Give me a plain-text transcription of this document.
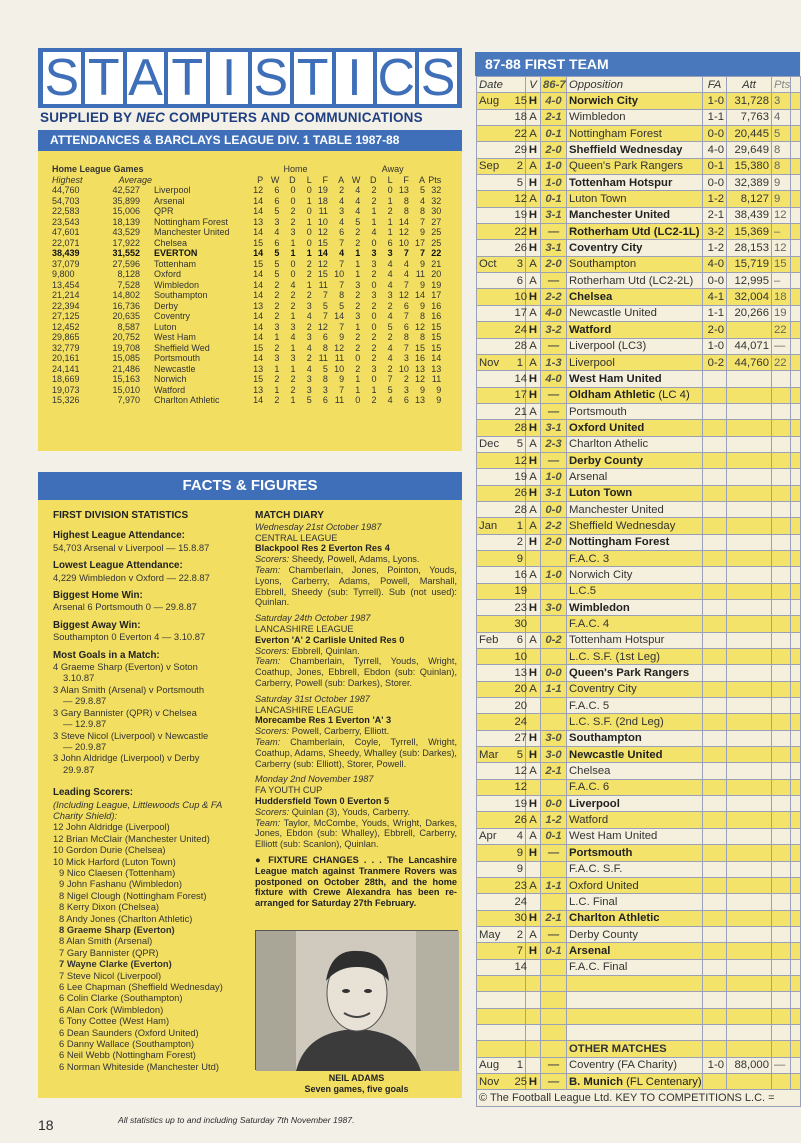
S T A T I S T I C S
SUPPLIED BY NEC COMPUTERS AND COMMUNICATIONS
ATTENDANCES & BARCLAYS LEAGUE DIV. 1 TABLE 1987-88
Home League Games			Home						Away					
Highest	Average		P	W	D	L	F	A	W	D	L	F	A	Pts
44,760	42,527	Liverpool	12	6	0	0	19	2	4	2	0	13	5	32
54,703	35,899	Arsenal	14	6	0	1	18	4	4	2	1	8	4	32
22,583	15,006	QPR	14	5	2	0	11	3	4	1	2	8	8	30
23,543	18,139	Nottingham Forest	13	3	2	1	10	4	5	1	1	14	7	27
47,601	43,529	Manchester United	14	4	3	0	12	6	2	4	1	12	9	25
22,071	17,922	Chelsea	15	6	1	0	15	7	2	0	6	10	17	25
38,439	31,552	EVERTON	14	5	1	1	14	4	1	3	3	7	7	22
37,079	27,596	Tottenham	15	5	0	2	12	7	1	3	4	4	9	21
9,800	8,128	Oxford	14	5	0	2	15	10	1	2	4	4	11	20
13,454	7,528	Wimbledon	14	2	4	1	11	7	3	0	4	7	9	19
21,214	14,802	Southampton	14	2	2	2	7	8	2	3	3	12	14	17
22,394	16,736	Derby	13	2	2	3	5	5	2	2	2	6	9	16
27,125	20,635	Coventry	14	2	1	4	7	14	3	0	4	7	8	16
12,452	8,587	Luton	14	3	3	2	12	7	1	0	5	6	12	15
29,865	20,752	West Ham	14	1	4	3	6	9	2	2	2	8	8	15
32,779	19,708	Sheffield Wed	15	2	1	4	8	12	2	2	4	7	15	15
20,161	15,085	Portsmouth	14	3	3	2	11	11	0	2	4	3	16	14
24,141	21,486	Newcastle	13	1	1	4	5	10	2	3	2	10	13	13
18,669	15,163	Norwich	15	2	2	3	8	9	1	0	7	2	12	11
19,073	15,010	Watford	13	1	2	3	3	7	1	1	5	3	9	9
15,326	7,970	Charlton Athletic	14	2	1	5	6	11	0	2	4	6	13	9
FACTS & FIGURES
FIRST DIVISION STATISTICS
Highest League Attendance:
54,703 Arsenal v Liverpool — 15.8.87
Lowest League Attendance:
4,229 Wimbledon v Oxford — 22.8.87
Biggest Home Win:
Arsenal 6 Portsmouth 0 — 29.8.87
Biggest Away Win:
Southampton 0 Everton 4 — 3.10.87
Most Goals in a Match:
4 Graeme Sharp (Everton) v Soton
3.10.87
3 Alan Smith (Arsenal) v Portsmouth
— 29.8.87
3 Gary Bannister (QPR) v Chelsea
— 12.9.87
3 Steve Nicol (Liverpool) v Newcastle
— 20.9.87
3 John Aldridge (Liverpool) v Derby
29.9.87
Leading Scorers:
(Including League, Littlewoods Cup & FA Charity Shield):
12 John Aldridge (Liverpool)
12 Brian McClair (Manchester United)
10 Gordon Durie (Chelsea)
10 Mick Harford (Luton Town)
9 Nico Claesen (Tottenham)
9 John Fashanu (Wimbledon)
8 Nigel Clough (Nottingham Forest)
8 Kerry Dixon (Chelsea)
8 Andy Jones (Charlton Athletic)
8 Graeme Sharp (Everton)
8 Alan Smith (Arsenal)
7 Gary Bannister (QPR)
7 Wayne Clarke (Everton)
7 Steve Nicol (Liverpool)
6 Lee Chapman (Sheffield Wednesday)
6 Colin Clarke (Southampton)
6 Alan Cork (Wimbledon)
6 Tony Cottee (West Ham)
6 Dean Saunders (Oxford United)
6 Danny Wallace (Southampton)
6 Neil Webb (Nottingham Forest)
6 Norman Whiteside (Manchester Utd)
MATCH DIARY
Wednesday 21st October 1987
CENTRAL LEAGUE
Blackpool Res 2 Everton Res 4
Scorers: Sheedy, Powell, Adams, Lyons.
Team: Chamberlain, Jones, Pointon, Youds, Lyons, Carberry, Adams, Powell, Marshall, Ebbrell, Sheedy (sub: Tyrrell). Sub (not used): Quinlan.
Saturday 24th October 1987
LANCASHIRE LEAGUE
Everton 'A' 2 Carlisle United Res 0
Scorers: Ebbrell, Quinlan.
Team: Chamberlain, Tyrrell, Youds, Wright, Coathup, Jones, Ebbrell, Ebdon (sub: Quinlan), Carberry, Powell (sub: Darkes), Storer.
Saturday 31st October 1987
LANCASHIRE LEAGUE
Morecambe Res 1 Everton 'A' 3
Scorers: Powell, Carberry, Elliott.
Team: Chamberlain, Coyle, Tyrrell, Wright, Coathup, Adams, Sheedy, Whalley (sub: Darkes), Carberry (sub: Elliott), Storer, Powell.
Monday 2nd November 1987
FA YOUTH CUP
Huddersfield Town 0 Everton 5
Scorers: Quinlan (3), Youds, Carberry.
Team: Taylor, McCombe, Youds, Wright, Darkes, Jones, Ebdon (sub: Whalley), Ebbrell, Carberry, Elliott (sub: Scanlon), Quinlan.
● FIXTURE CHANGES . . . The Lancashire League match against Tranmere Rovers was postponed on October 28th, and the home fixture with Crewe Alexandra has been re-arranged for Saturday 27th February.
NEIL ADAMS
Seven games, five goals
18	All statistics up to and including Saturday 7th November 1987.
87-88 FIRST TEAM
Date		V	86-7	Opposition	FA	Att	Pts	
Aug	15	H	4-0	Norwich City	1-0	31,728	3	
	18	A	2-1	Wimbledon	1-1	7,763	4	
	22	A	0-1	Nottingham Forest	0-0	20,445	5	
	29	H	2-0	Sheffield Wednesday	4-0	29,649	8	
Sep	2	A	1-0	Queen's Park Rangers	0-1	15,380	8	
	5	H	1-0	Tottenham Hotspur	0-0	32,389	9	
	12	A	0-1	Luton Town	1-2	8,127	9	
	19	H	3-1	Manchester United	2-1	38,439	12	
	22	H	—	Rotherham Utd (LC2-1L)	3-2	15,369	–	
	26	H	3-1	Coventry City	1-2	28,153	12	
Oct	3	A	2-0	Southampton	4-0	15,719	15	
	6	A	—	Rotherham Utd (LC2-2L)	0-0	12,995	–	
	10	H	2-2	Chelsea	4-1	32,004	18	
	17	A	4-0	Newcastle United	1-1	20,266	19	
	24	H	3-2	Watford	2-0		22	
	28	A	—	Liverpool (LC3)	1-0	44,071	—	
Nov	1	A	1-3	Liverpool	0-2	44,760	22	
	14	H	4-0	West Ham United				
	17	H	—	Oldham Athletic (LC 4)				
	21	A	—	Portsmouth				
	28	H	3-1	Oxford United				
Dec	5	A	2-3	Charlton Athelic				
	12	H	—	Derby County				
	19	A	1-0	Arsenal				
	26	H	3-1	Luton Town				
	28	A	0-0	Manchester United				
Jan	1	A	2-2	Sheffield Wednesday				
	2	H	2-0	Nottingham Forest				
	9			F.A.C. 3				
	16	A	1-0	Norwich City				
	19			L.C.5				
	23	H	3-0	Wimbledon				
	30			F.A.C. 4				
Feb	6	A	0-2	Tottenham Hotspur				
	10			L.C. S.F. (1st Leg)				
	13	H	0-0	Queen's Park Rangers				
	20	A	1-1	Coventry City				
	20			F.A.C. 5				
	24			L.C. S.F. (2nd Leg)				
	27	H	3-0	Southampton				
Mar	5	H	3-0	Newcastle United				
	12	A	2-1	Chelsea				
	12			F.A.C. 6				
	19	H	0-0	Liverpool				
	26	A	1-2	Watford				
Apr	4	A	0-1	West Ham United				
	9	H	—	Portsmouth				
	9			F.A.C. S.F.				
	23	A	1-1	Oxford United				
	24			L.C. Final				
	30	H	2-1	Charlton Athletic				
May	2	A	—	Derby County				
	7	H	0-1	Arsenal				
	14			F.A.C. Final				

				OTHER MATCHES				
Aug	1		—	Coventry (FA Charity)	1-0	88,000	—	
Nov	25	H	—	B. Munich (FL Centenary)				
© The Football League Ltd. KEY TO COMPETITIONS L.C. =								
